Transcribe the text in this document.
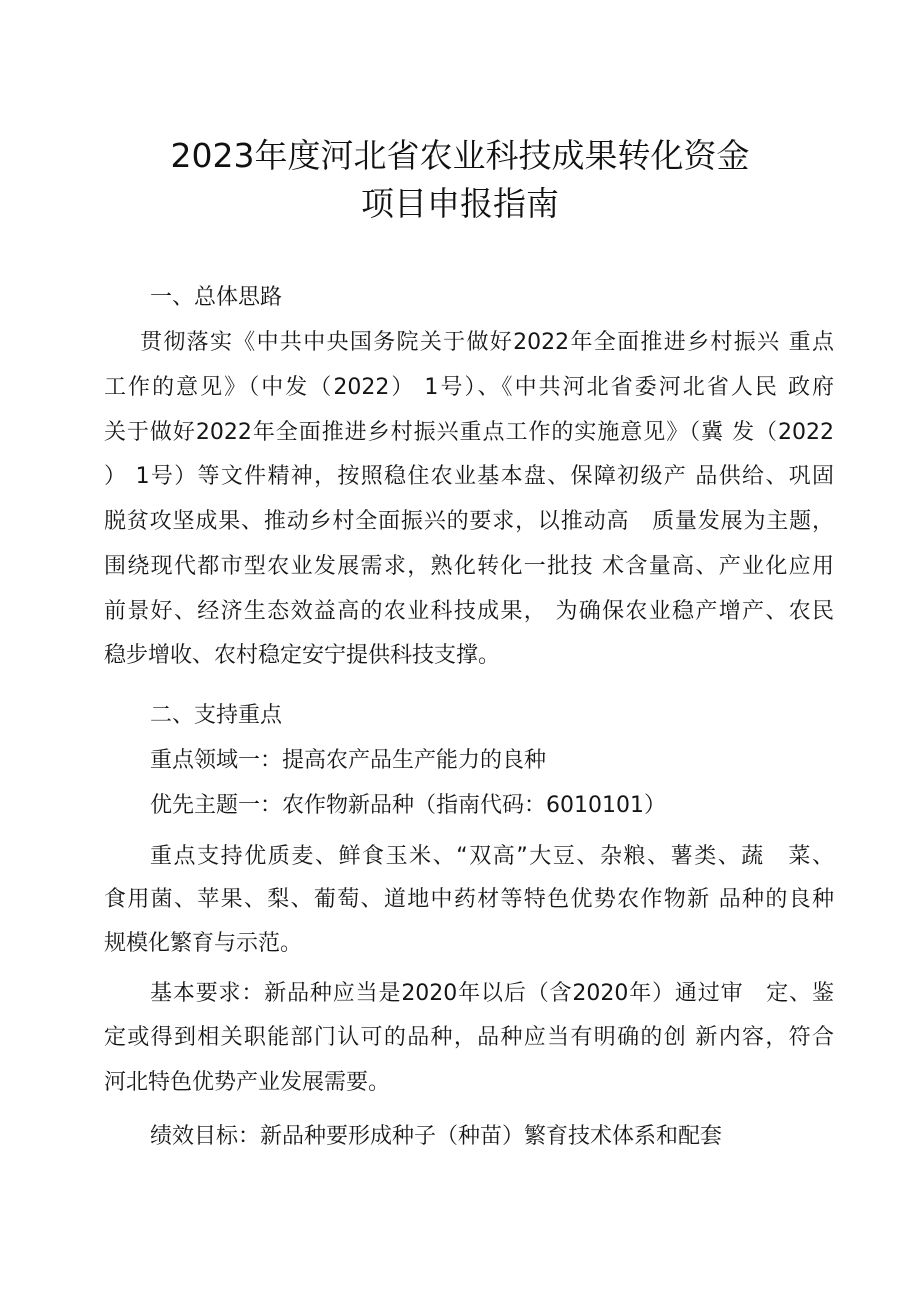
2023年度河北省农业科技成果转化资金
项目申报指南
一、总体思路
贯彻落实《中共中央国务院关于做好2022年全面推进乡村振兴 重点
工作的意见》（中发（2022） 1号）、《中共河北省委河北省人民 政府
关于做好2022年全面推进乡村振兴重点工作的实施意见》（冀 发（2022
） 1号）等文件精神，按照稳住农业基本盘、保障初级产 品供给、巩固
脱贫攻坚成果、推动乡村全面振兴的要求，以推动高　质量发展为主题，
围绕现代都市型农业发展需求，熟化转化一批技 术含量高、产业化应用
前景好、经济生态效益高的农业科技成果， 为确保农业稳产增产、农民
稳步增收、农村稳定安宁提供科技支撑。
二、支持重点
重点领域一：提高农产品生产能力的良种
优先主题一：农作物新品种（指南代码：6010101）
重点支持优质麦、鲜食玉米、“双高”大豆、杂粮、薯类、蔬　菜、
食用菌、苹果、梨、葡萄、道地中药材等特色优势农作物新 品种的良种
规模化繁育与示范。
基本要求：新品种应当是2020年以后（含2020年）通过审　定、鉴
定或得到相关职能部门认可的品种，品种应当有明确的创 新内容，符合
河北特色优势产业发展需要。
绩效目标：新品种要形成种子（种苗）繁育技术体系和配套
